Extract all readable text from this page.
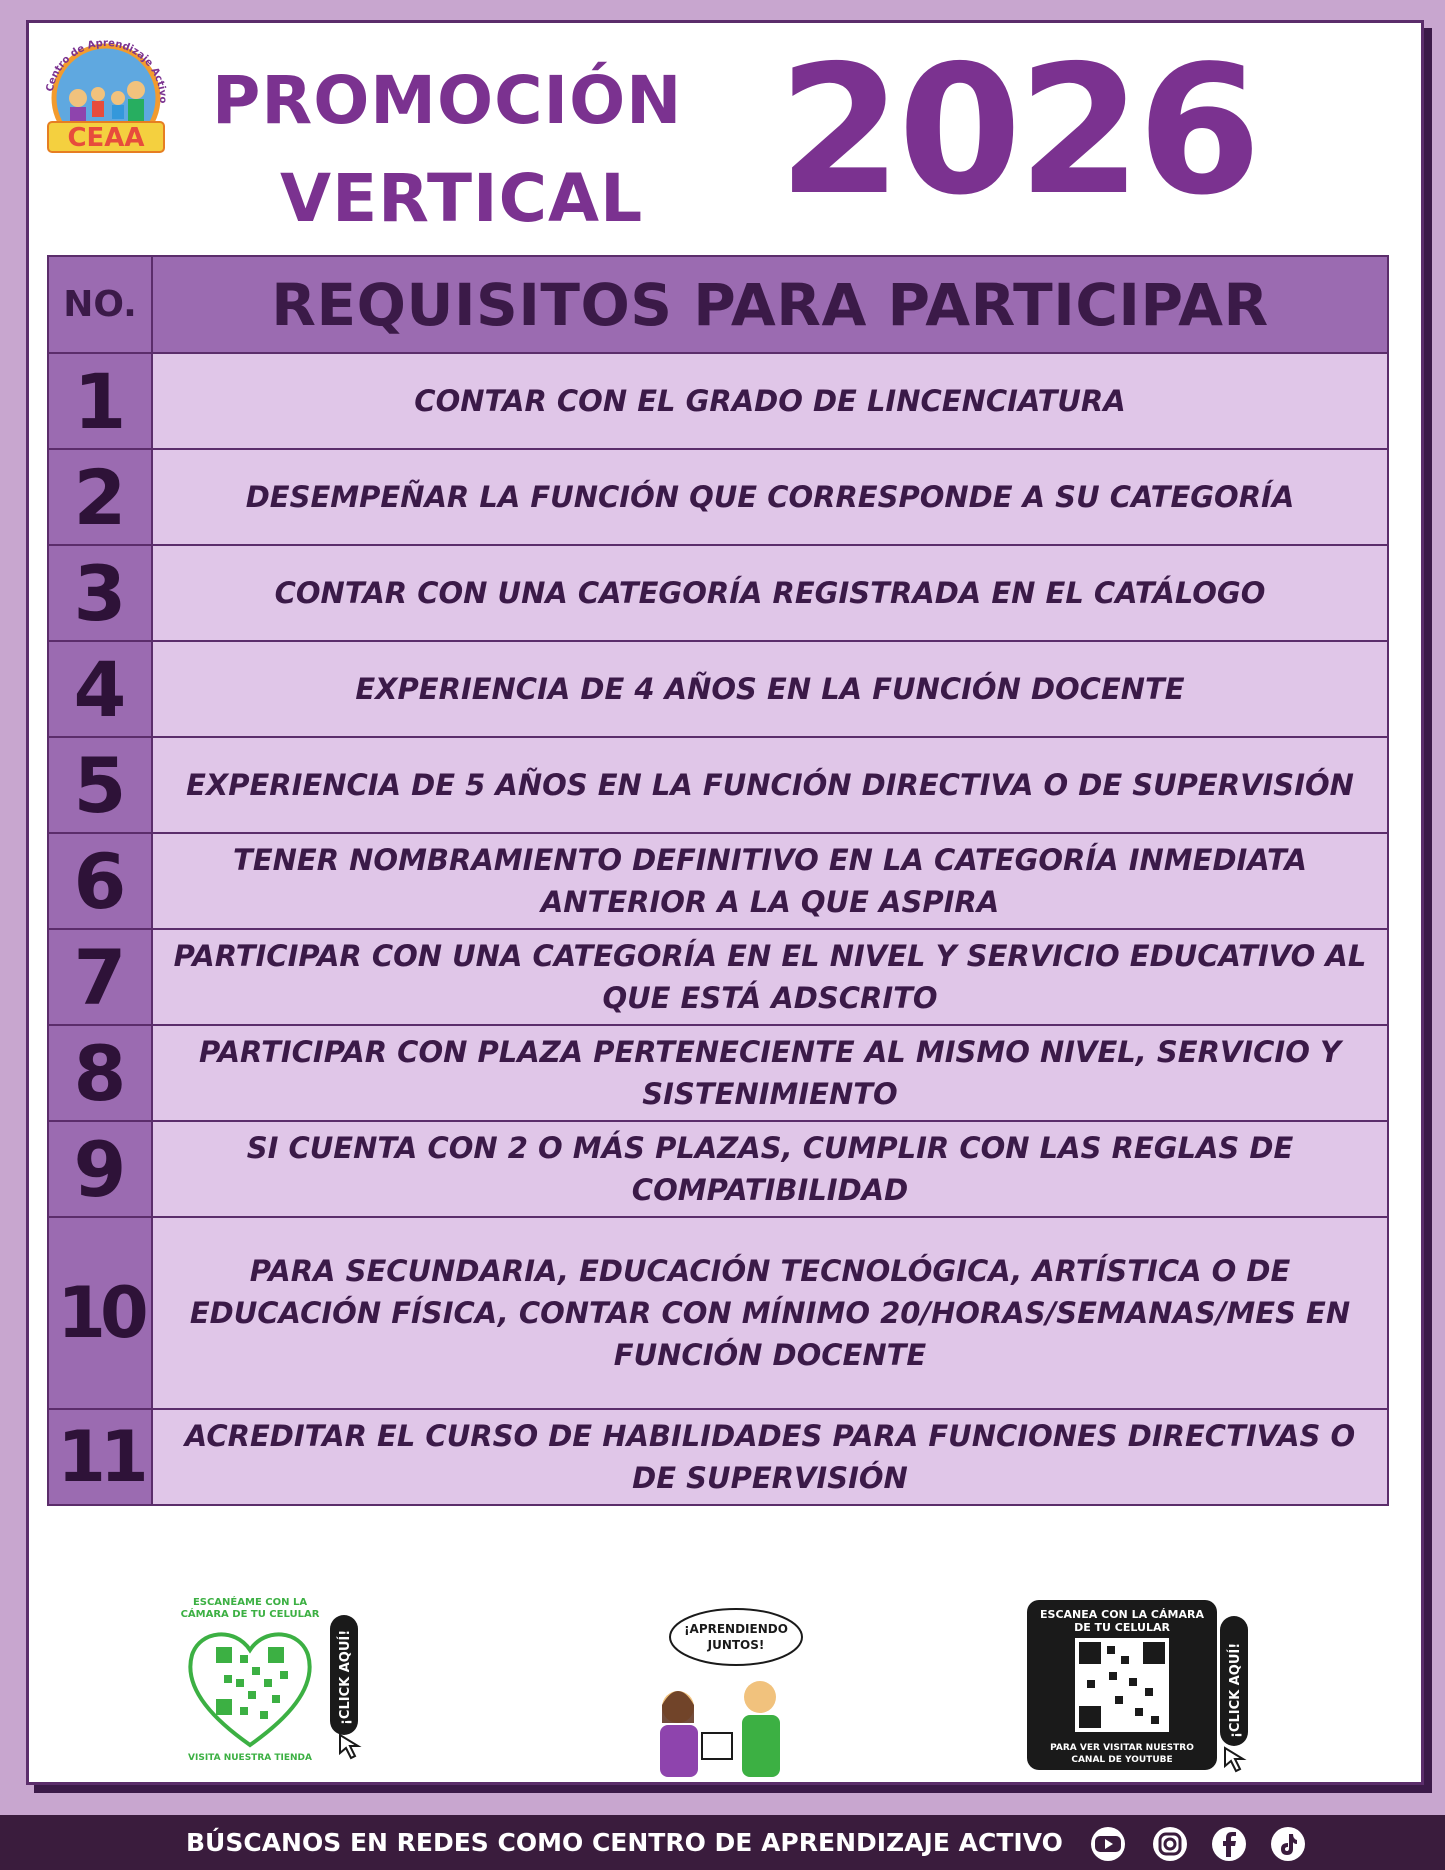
Centro de Aprendizaje Activo
CEAA PROMOCIÓN
VERTICAL 2026
NO.	REQUISITOS PARA PARTICIPAR
1	CONTAR CON EL GRADO DE LINCENCIATURA
2	DESEMPEÑAR LA FUNCIÓN QUE CORRESPONDE A SU CATEGORÍA
3	CONTAR CON UNA CATEGORÍA REGISTRADA EN EL CATÁLOGO
4	EXPERIENCIA DE 4 AÑOS EN LA FUNCIÓN DOCENTE
5	EXPERIENCIA DE 5 AÑOS EN LA FUNCIÓN DIRECTIVA O DE SUPERVISIÓN
6	TENER NOMBRAMIENTO DEFINITIVO EN LA CATEGORÍA INMEDIATA ANTERIOR A LA QUE ASPIRA
7	PARTICIPAR CON UNA CATEGORÍA EN EL NIVEL Y SERVICIO EDUCATIVO AL QUE ESTÁ ADSCRITO
8	PARTICIPAR CON PLAZA PERTENECIENTE AL MISMO NIVEL, SERVICIO Y SISTENIMIENTO
9	SI CUENTA CON 2 O MÁS PLAZAS, CUMPLIR CON LAS REGLAS DE COMPATIBILIDAD
10	PARA SECUNDARIA, EDUCACIÓN TECNOLÓGICA, ARTÍSTICA O DE EDUCACIÓN FÍSICA, CONTAR CON MÍNIMO 20/HORAS/SEMANAS/MES EN FUNCIÓN DOCENTE
11	ACREDITAR EL CURSO DE HABILIDADES PARA FUNCIONES DIRECTIVAS O DE SUPERVISIÓN
ESCANÉAME CON LA
CÁMARA DE TU CELULAR
VISITA NUESTRA TIENDA
¡CLICK AQUÍ!
¡APRENDIENDO
JUNTOS!
ESCANEA CON LA CÁMARA
DE TU CELULAR
PARA VER VISITAR NUESTRO
CANAL DE YOUTUBE
¡CLICK AQUÍ!
BÚSCANOS EN REDES COMO CENTRO DE APRENDIZAJE ACTIVO
